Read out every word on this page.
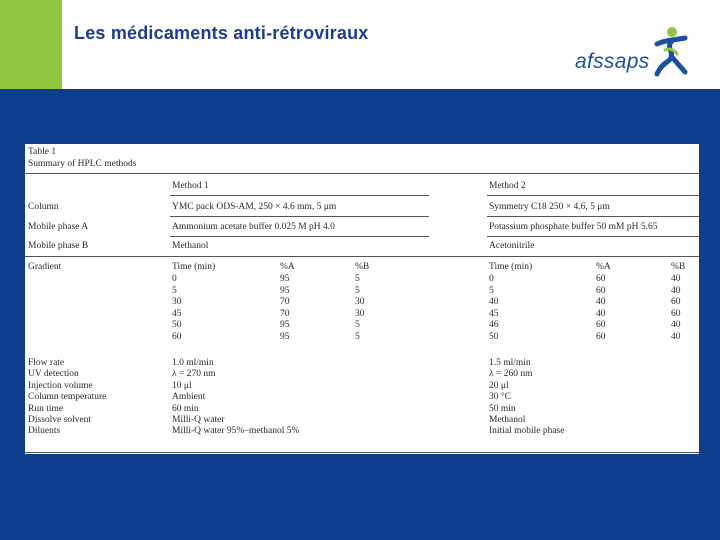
Les médicaments anti-rétroviraux
afssaps
Table 1
Summary of HPLC methods
Method 1	Method 2
Column	YMC pack ODS-AM, 250 × 4.6 mm, 5 μm	Symmetry C18 250 × 4.6, 5 μm
Mobile phase A	Ammonium acetate buffer 0.025 M pH 4.0	Potassium phosphate buffer 50 mM pH 5.65
Mobile phase B	Methanol	Acetonitrile
Gradient	Time (min)	%A	%B	Time (min)	%A	%B
0	95	5	0	60	40
5	95	5	5	60	40
30	70	30	40	40	60
45	70	30	45	40	60
50	95	5	46	60	40
60	95	5	50	60	40
Flow rate	1.0 ml/min	1.5 ml/min
UV detection	λ = 270 nm	λ = 260 nm
Injection volume	10 μl	20 μl
Column temperature	Ambient	30 °C
Run time	60 min	50 min
Dissolve solvent	Milli-Q water	Methanol
Diluents	Milli-Q water 95%–methanol 5%	Initial mobile phase
